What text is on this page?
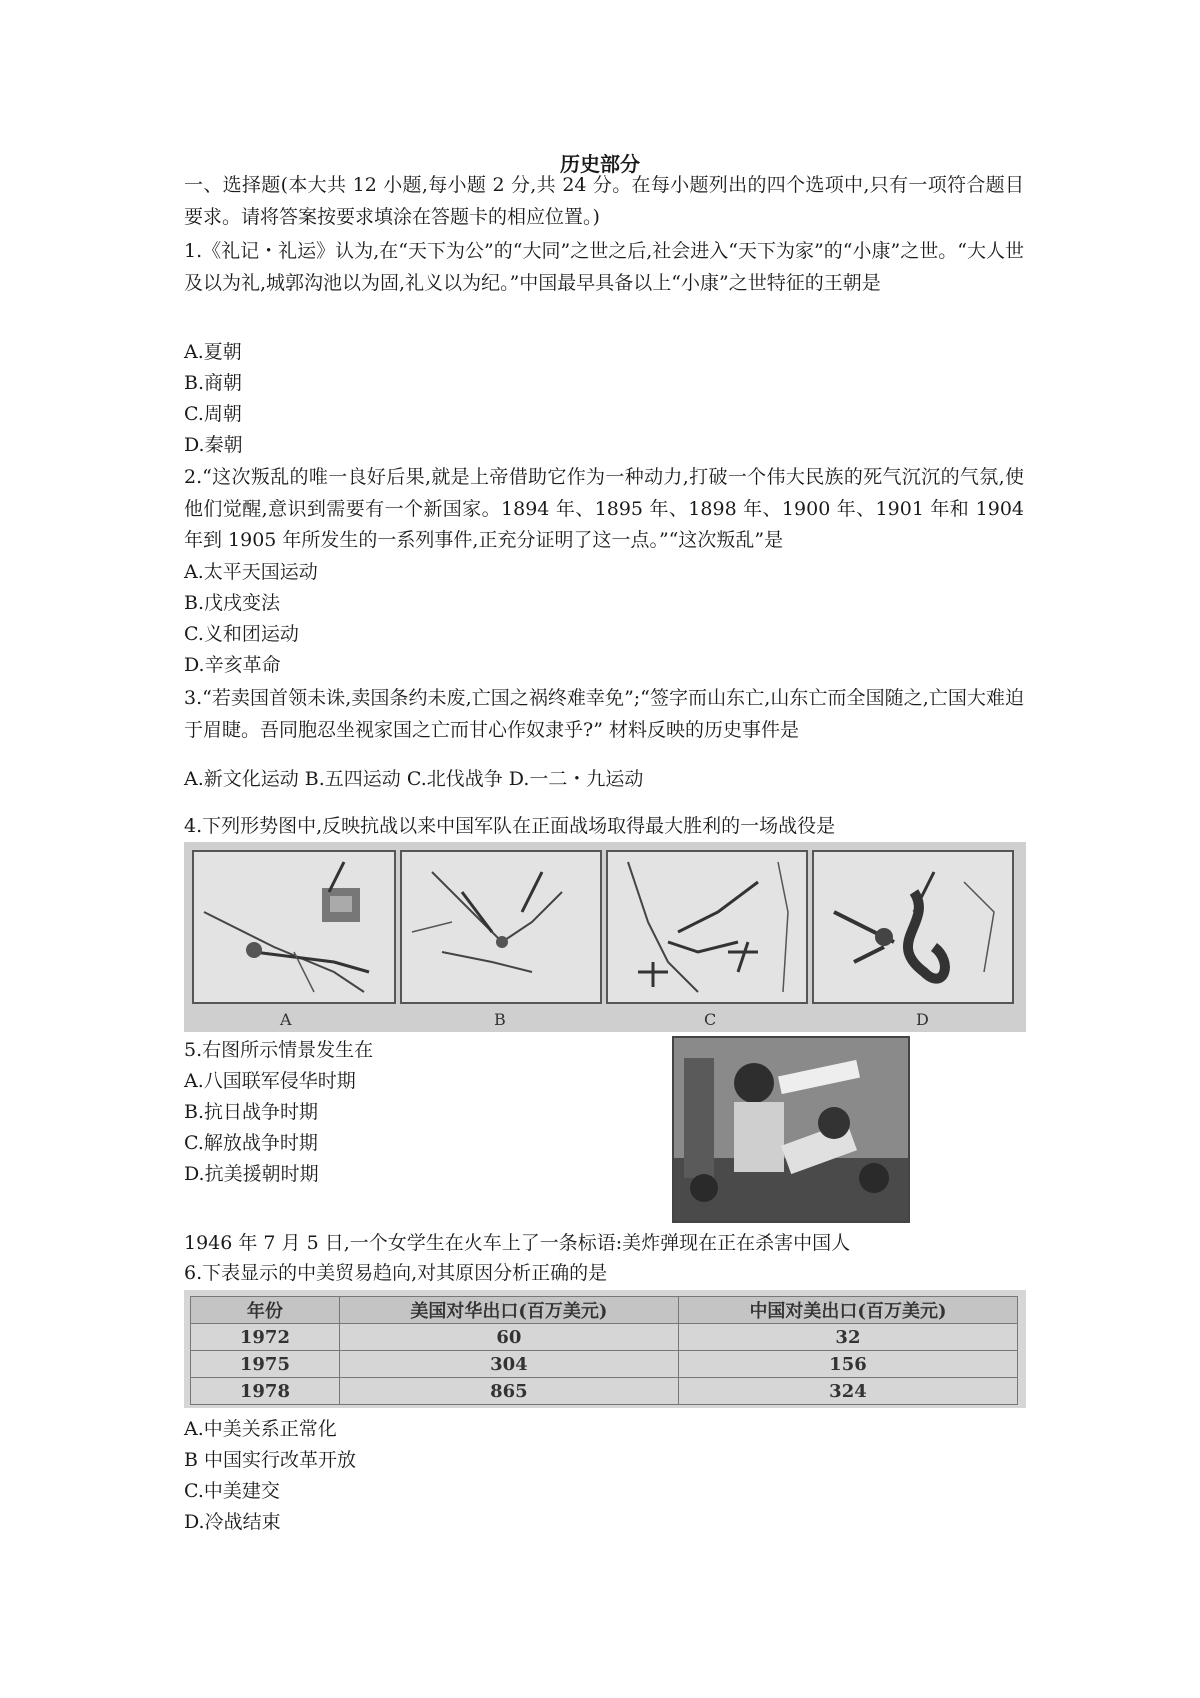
历史部分
一、选择题(本大共 12 小题,每小题 2 分,共 24 分。在每小题列出的四个选项中,只有一项符合题目要求。请将答案按要求填涂在答题卡的相应位置。)
1.《礼记・礼运》认为,在“天下为公”的“大同”之世之后,社会进入“天下为家”的“小康”之世。“大人世及以为礼,城郭沟池以为固,礼义以为纪。”中国最早具备以上“小康”之世特征的王朝是
A.夏朝
B.商朝
C.周朝
D.秦朝
2.“这次叛乱的唯一良好后果,就是上帝借助它作为一种动力,打破一个伟大民族的死气沉沉的气氛,使他们觉醒,意识到需要有一个新国家。1894 年、1895 年、1898 年、1900 年、1901 年和 1904 年到 1905 年所发生的一系列事件,正充分证明了这一点。”“这次叛乱”是
A.太平天国运动
B.戊戌变法
C.义和团运动
D.辛亥革命
3.“若卖国首领未诛,卖国条约未废,亡国之祸终难幸免”;“签字而山东亡,山东亡而全国随之,亡国大难迫于眉睫。吾同胞忍坐视家国之亡而甘心作奴隶乎?” 材料反映的历史事件是
A.新文化运动 B.五四运动 C.北伐战争 D.一二・九运动
4.下列形势图中,反映抗战以来中国军队在正面战场取得最大胜利的一场战役是
A	B	C	D
5.右图所示情景发生在
A.八国联军侵华时期
B.抗日战争时期
C.解放战争时期
D.抗美援朝时期
1946 年 7 月 5 日,一个女学生在火车上了一条标语:美炸弹现在正在杀害中国人
6.下表显示的中美贸易趋向,对其原因分析正确的是
年份	美国对华出口(百万美元)	中国对美出口(百万美元)
1972	60	32
1975	304	156
1978	865	324
A.中美关系正常化
B 中国实行改革开放
C.中美建交
D.冷战结束
